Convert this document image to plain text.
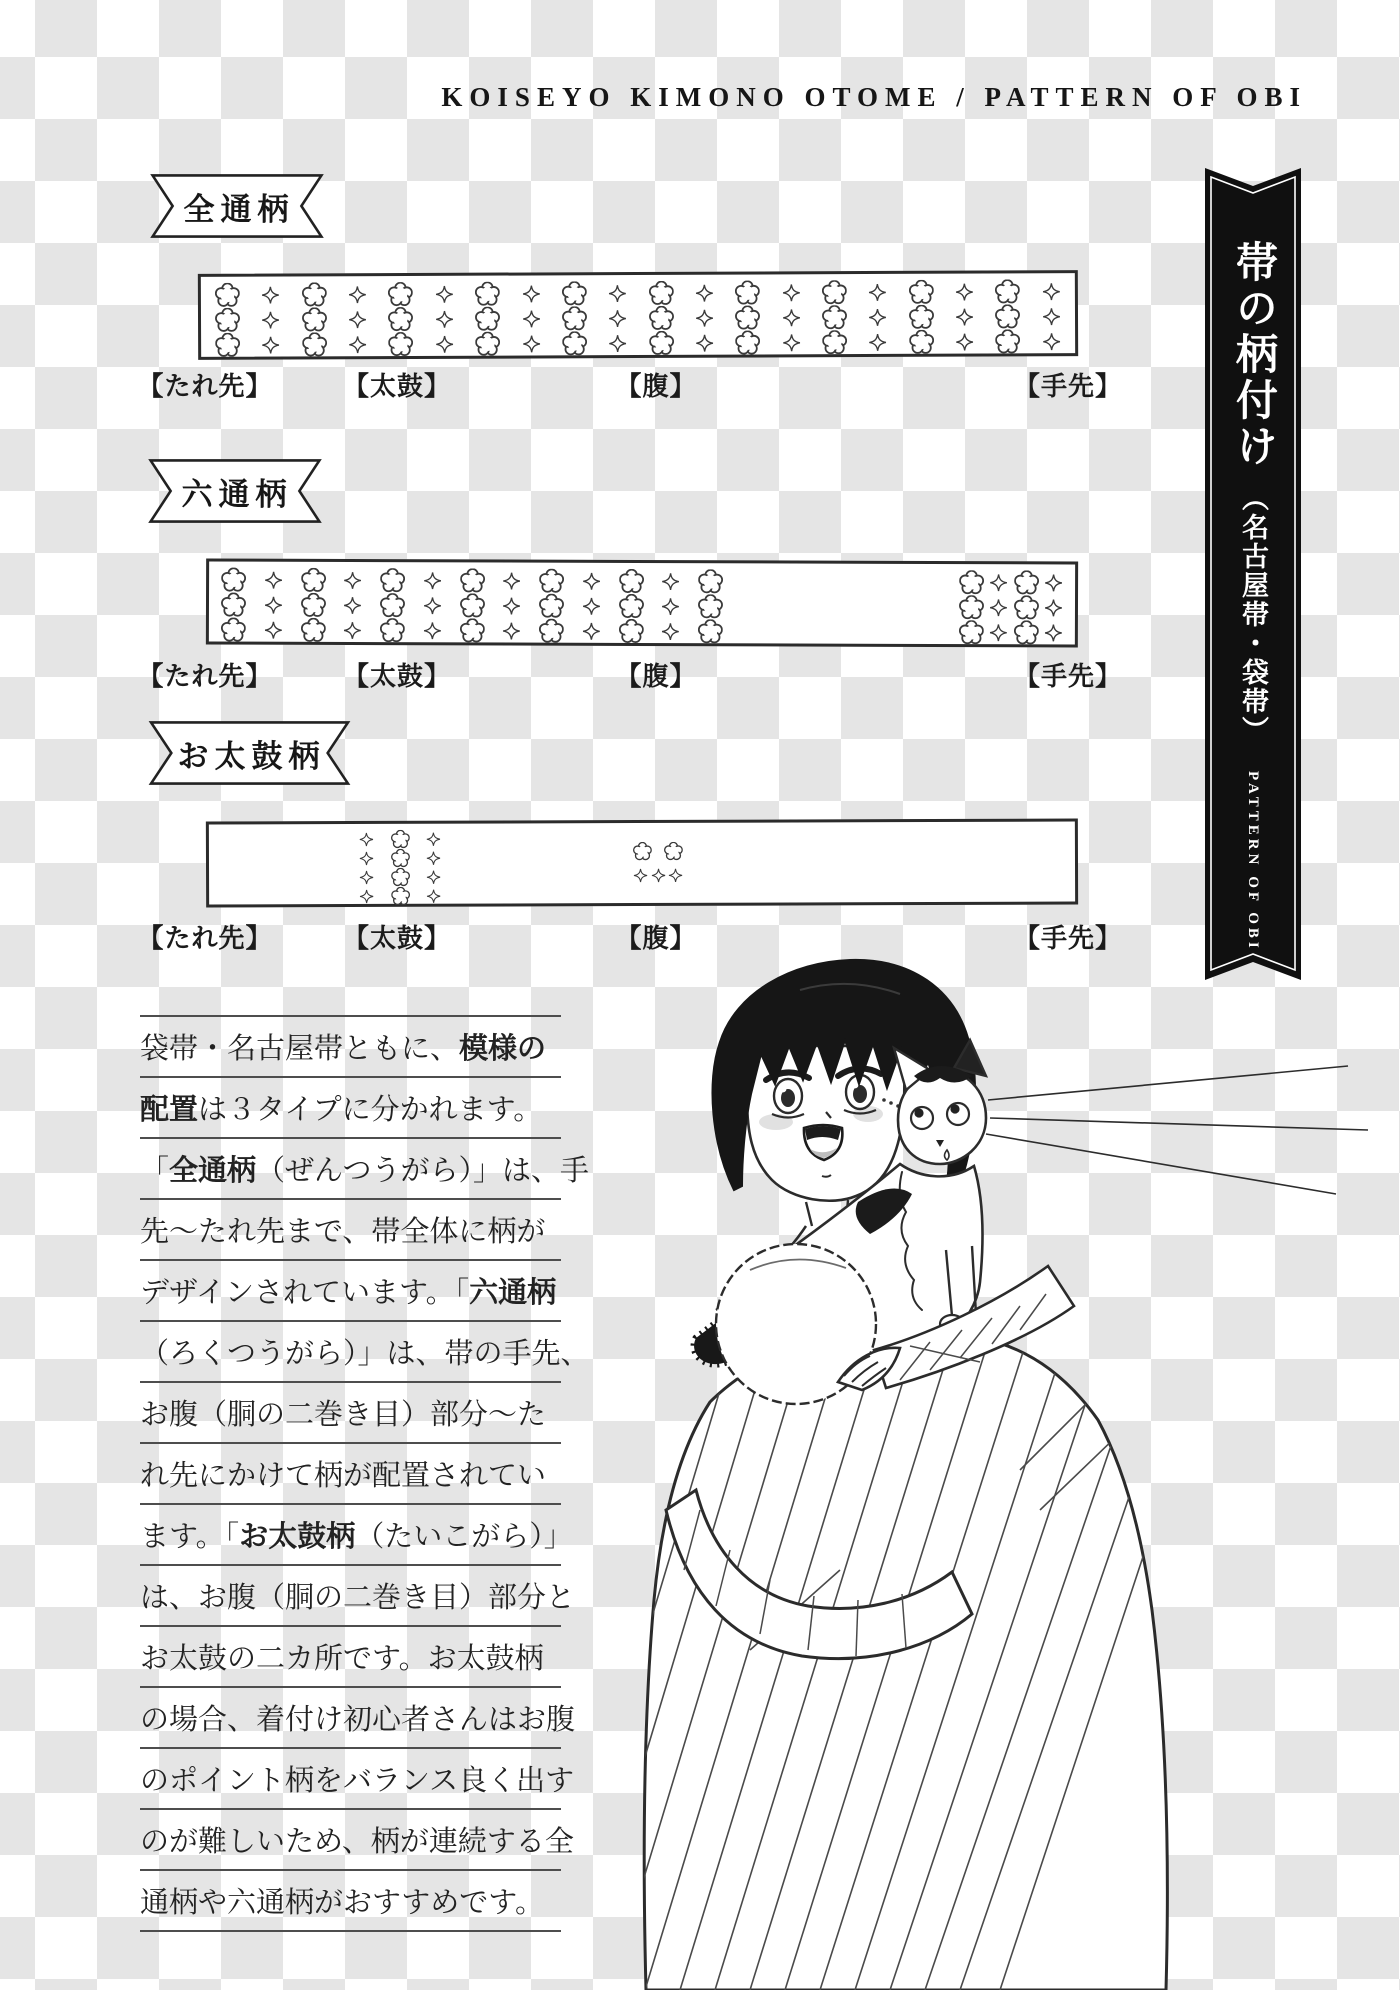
KOISEYO KIMONO OTOME / PATTERN OF OBI
全通柄
【たれ先】	【太鼓】	【腹】	【手先】
六通柄
【たれ先】	【太鼓】	【腹】	【手先】
お太鼓柄
【たれ先】	【太鼓】	【腹】	【手先】
帯の柄付け（名古屋帯・袋帯）PATTERN OF OBI
袋帯・名古屋帯ともに、 模様の
配置 は３タイプに分かれます。
「 全通柄 （ぜんつうがら）」は、手
先〜たれ先まで、帯全体に柄が
デザインされています。「 六通柄
（ろくつうがら）」は、帯の手先、
お腹（胴の二巻き目）部分〜た
れ先にかけて柄が配置されてい
ます。「 お太鼓柄 （たいこがら）」
は、お腹（胴の二巻き目）部分と
お太鼓の二カ所です。お太鼓柄
の場合、着付け初心者さんはお腹
のポイント柄をバランス良く出す
のが難しいため、柄が連続する全
通柄や六通柄がおすすめです。
